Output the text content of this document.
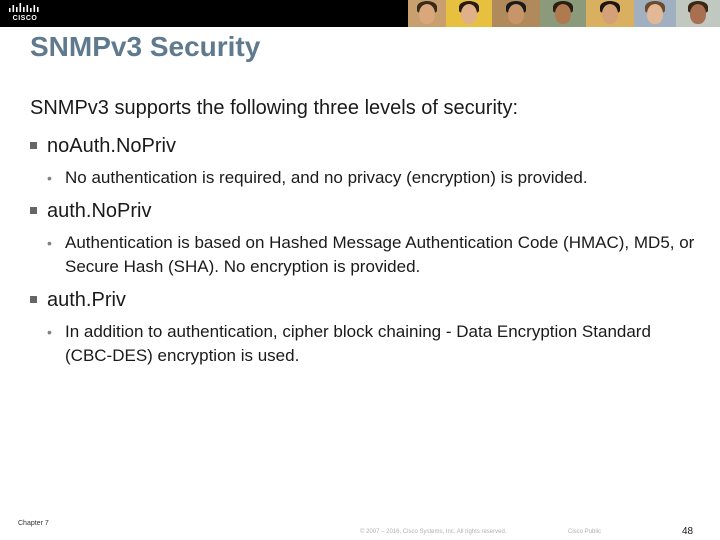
CISCO
SNMPv3 Security

SNMPv3 supports the following three levels of security:

noAuth.NoPriv
• No authentication is required, and no privacy (encryption) is provided.
auth.NoPriv
• Authentication is based on Hashed Message Authentication Code (HMAC), MD5, or Secure Hash (SHA). No encryption is provided.
auth.Priv
• In addition to authentication, cipher block chaining - Data Encryption Standard (CBC-DES) encryption is used.
Chapter 7
© 2007 – 2016, Cisco Systems, Inc. All rights reserved.	Cisco Public	48
